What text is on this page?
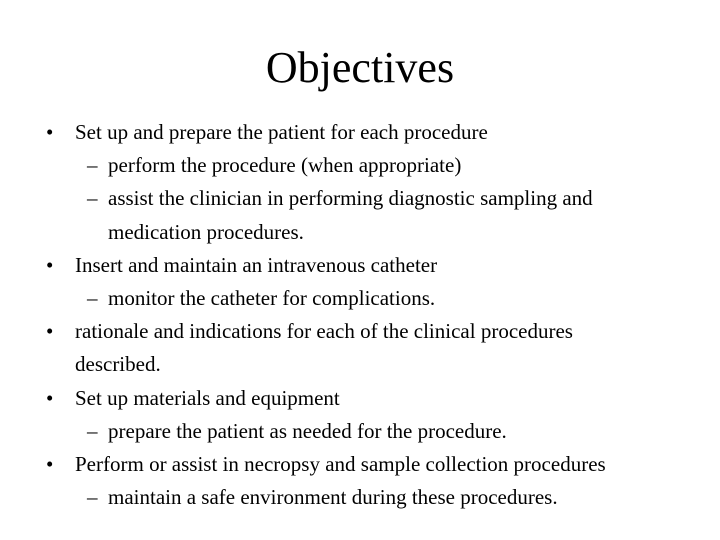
Objectives
• Set up and prepare the patient for each procedure
– perform the procedure (when appropriate)
– assist the clinician in performing diagnostic sampling and
medication procedures.
• Insert and maintain an intravenous catheter
– monitor the catheter for complications.
• rationale and indications for each of the clinical procedures
described.
• Set up materials and equipment
– prepare the patient as needed for the procedure.
• Perform or assist in necropsy and sample collection procedures
– maintain a safe environment during these procedures.
